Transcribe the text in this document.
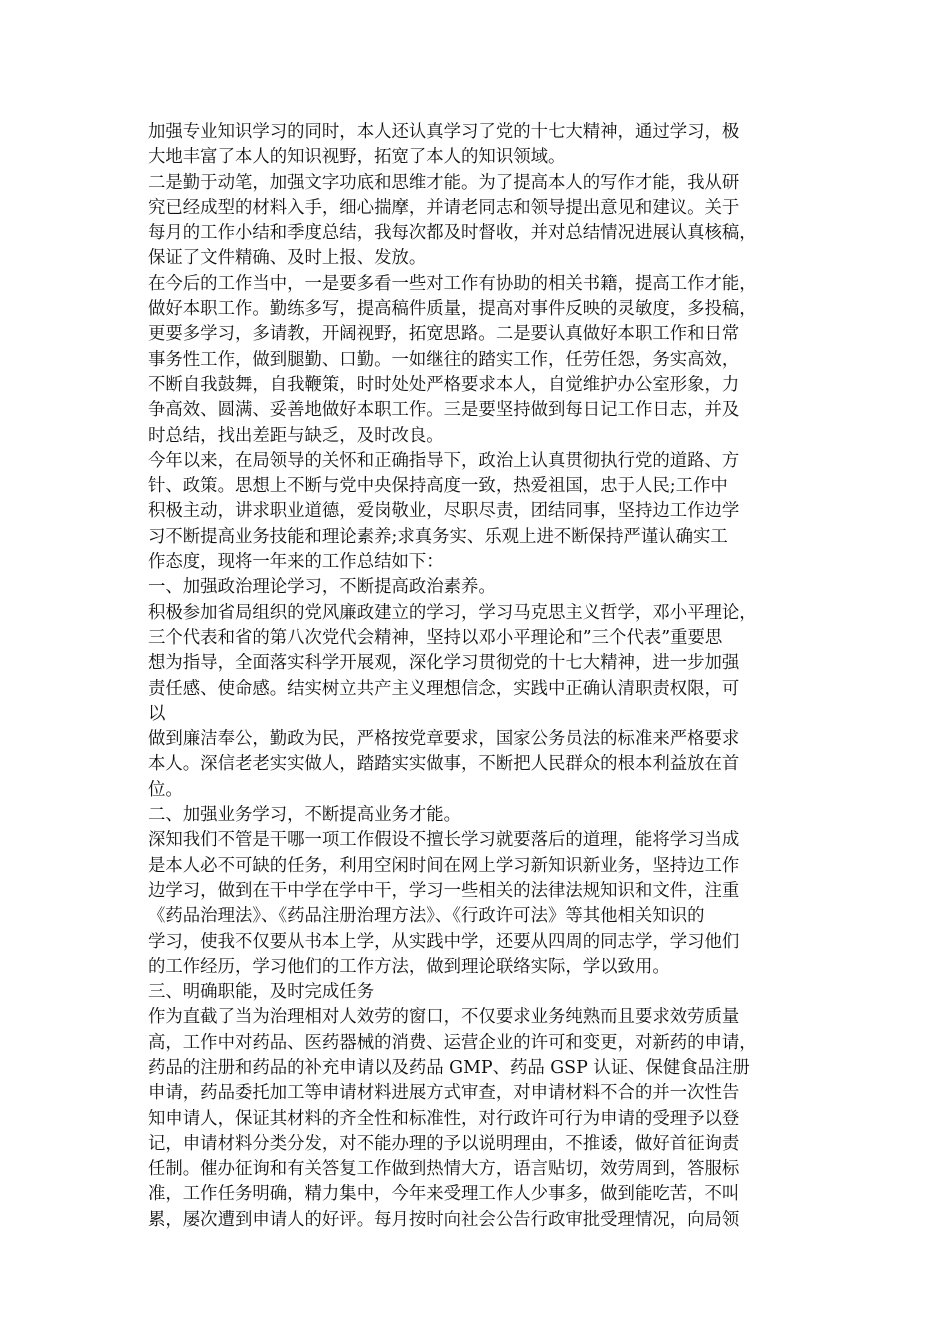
加强专业知识学习的同时，本人还认真学习了党的十七大精神，通过学习，极
大地丰富了本人的知识视野，拓宽了本人的知识领域。
二是勤于动笔，加强文字功底和思维才能。为了提高本人的写作才能，我从研
究已经成型的材料入手，细心揣摩，并请老同志和领导提出意见和建议。关于
每月的工作小结和季度总结，我每次都及时督收，并对总结情况进展认真核稿，
保证了文件精确、及时上报、发放。
在今后的工作当中，一是要多看一些对工作有协助的相关书籍，提高工作才能，
做好本职工作。勤练多写，提高稿件质量，提高对事件反映的灵敏度，多投稿，
更要多学习，多请教，开阔视野，拓宽思路。二是要认真做好本职工作和日常
事务性工作，做到腿勤、口勤。一如继往的踏实工作，任劳任怨，务实高效，
不断自我鼓舞，自我鞭策，时时处处严格要求本人，自觉维护办公室形象，力
争高效、圆满、妥善地做好本职工作。三是要坚持做到每日记工作日志，并及
时总结，找出差距与缺乏，及时改良。
今年以来，在局领导的关怀和正确指导下，政治上认真贯彻执行党的道路、方
针、政策。思想上不断与党中央保持高度一致，热爱祖国，忠于人民;工作中
积极主动，讲求职业道德，爱岗敬业，尽职尽责，团结同事，坚持边工作边学
习不断提高业务技能和理论素养;求真务实、乐观上进不断保持严谨认确实工
作态度，现将一年来的工作总结如下：
一、加强政治理论学习，不断提高政治素养。
积极参加省局组织的党风廉政建立的学习，学习马克思主义哲学，邓小平理论，
三个代表和省的第八次党代会精神，坚持以邓小平理论和”三个代表”重要思
想为指导，全面落实科学开展观，深化学习贯彻党的十七大精神，进一步加强
责任感、使命感。结实树立共产主义理想信念，实践中正确认清职责权限，可
以
做到廉洁奉公，勤政为民，严格按党章要求，国家公务员法的标准来严格要求
本人。深信老老实实做人，踏踏实实做事，不断把人民群众的根本利益放在首
位。
二、加强业务学习，不断提高业务才能。
深知我们不管是干哪一项工作假设不擅长学习就要落后的道理，能将学习当成
是本人必不可缺的任务，利用空闲时间在网上学习新知识新业务，坚持边工作
边学习，做到在干中学在学中干，学习一些相关的法律法规知识和文件，注重
《药品治理法》、《药品注册治理方法》、《行政许可法》等其他相关知识的
学习，使我不仅要从书本上学，从实践中学，还要从四周的同志学，学习他们
的工作经历，学习他们的工作方法，做到理论联络实际，学以致用。
三、明确职能，及时完成任务
作为直截了当为治理相对人效劳的窗口，不仅要求业务纯熟而且要求效劳质量
高，工作中对药品、医药器械的消费、运营企业的许可和变更，对新药的申请，
药品的注册和药品的补充申请以及药品 GMP、药品 GSP 认证、保健食品注册
申请，药品委托加工等申请材料进展方式审查，对申请材料不合的并一次性告
知申请人，保证其材料的齐全性和标准性，对行政许可行为申请的受理予以登
记，申请材料分类分发，对不能办理的予以说明理由，不推诿，做好首征询责
任制。催办征询和有关答复工作做到热情大方，语言贴切，效劳周到，答服标
准，工作任务明确，精力集中，今年来受理工作人少事多，做到能吃苦，不叫
累，屡次遭到申请人的好评。每月按时向社会公告行政审批受理情况，向局领
